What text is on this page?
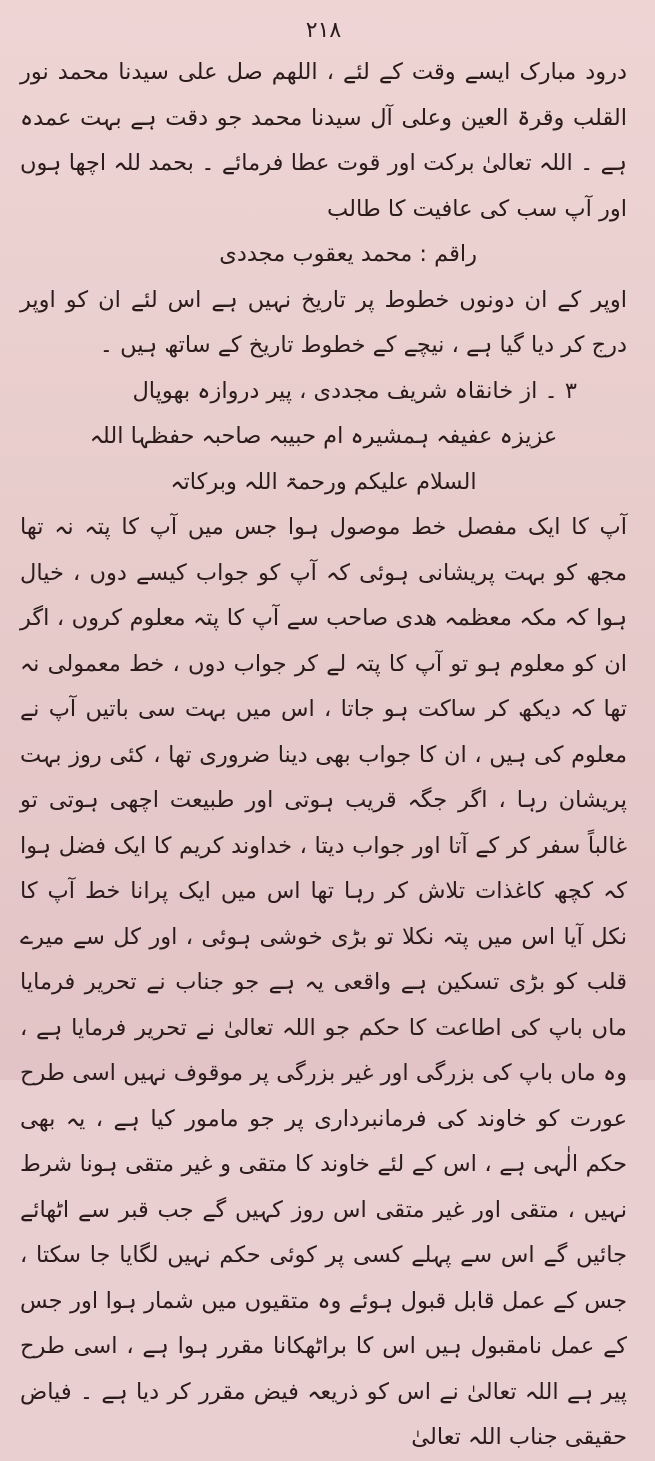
۲۱۸

درود مبارک ایسے وقت کے لئے ، اللھم صل علی سیدنا محمد نور القلب وقرۃ العین وعلی آل سیدنا محمد جو دقت ہے بہت عمدہ ہے ۔ اللہ تعالیٰ برکت اور قوت عطا فرمائے ۔ بحمد للہ اچھا ہوں اور آپ سب کی عافیت کا طالب

راقم : محمد یعقوب مجددی

اوپر کے ان دونوں خطوط پر تاریخ نہیں ہے اس لئے ان کو اوپر درج کر دیا گیا ہے ، نیچے کے خطوط تاریخ کے ساتھ ہیں ۔

۳ ۔ از خانقاہ شریف مجددی ، پیر دروازہ بھوپال

عزیزہ عفیفہ ہمشیرہ ام حبیبہ صاحبہ حفظہا اللہ

السلام علیکم ورحمۃ اللہ وبرکاتہ

آپ کا ایک مفصل خط موصول ہوا جس میں آپ کا پتہ نہ تھا مجھ کو بہت پریشانی ہوئی کہ آپ کو جواب کیسے دوں ، خیال ہوا کہ مکہ معظمہ ھدی صاحب سے آپ کا پتہ معلوم کروں ، اگر ان کو معلوم ہو تو آپ کا پتہ لے کر جواب دوں ، خط معمولی نہ تھا کہ دیکھ کر ساکت ہو جاتا ، اس میں بہت سی باتیں آپ نے معلوم کی ہیں ، ان کا جواب بھی دینا ضروری تھا ، کئی روز بہت پریشان رہا ، اگر جگہ قریب ہوتی اور طبیعت اچھی ہوتی تو غالباً سفر کر کے آتا اور جواب دیتا ، خداوند کریم کا ایک فضل ہوا کہ کچھ کاغذات تلاش کر رہا تھا اس میں ایک پرانا خط آپ کا نکل آیا اس میں پتہ نکلا تو بڑی خوشی ہوئی ، اور کل سے میرے قلب کو بڑی تسکین ہے واقعی یہ ہے جو جناب نے تحریر فرمایا ماں باپ کی اطاعت کا حکم جو اللہ تعالیٰ نے تحریر فرمایا ہے ، وہ ماں باپ کی بزرگی اور غیر بزرگی پر موقوف نہیں اسی طرح عورت کو خاوند کی فرمانبرداری پر جو مامور کیا ہے ، یہ بھی حکم الٰہی ہے ، اس کے لئے خاوند کا متقی و غیر متقی ہونا شرط نہیں ، متقی اور غیر متقی اس روز کہیں گے جب قبر سے اٹھائے جائیں گے اس سے پہلے کسی پر کوئی حکم نہیں لگایا جا سکتا ، جس کے عمل قابل قبول ہوئے وہ متقیوں میں شمار ہوا اور جس کے عمل نامقبول ہیں اس کا براٹھکانا مقرر ہوا ہے ، اسی طرح پیر ہے اللہ تعالیٰ نے اس کو ذریعہ فیض مقرر کر دیا ہے ۔ فیاض حقیقی جناب اللہ تعالیٰ
